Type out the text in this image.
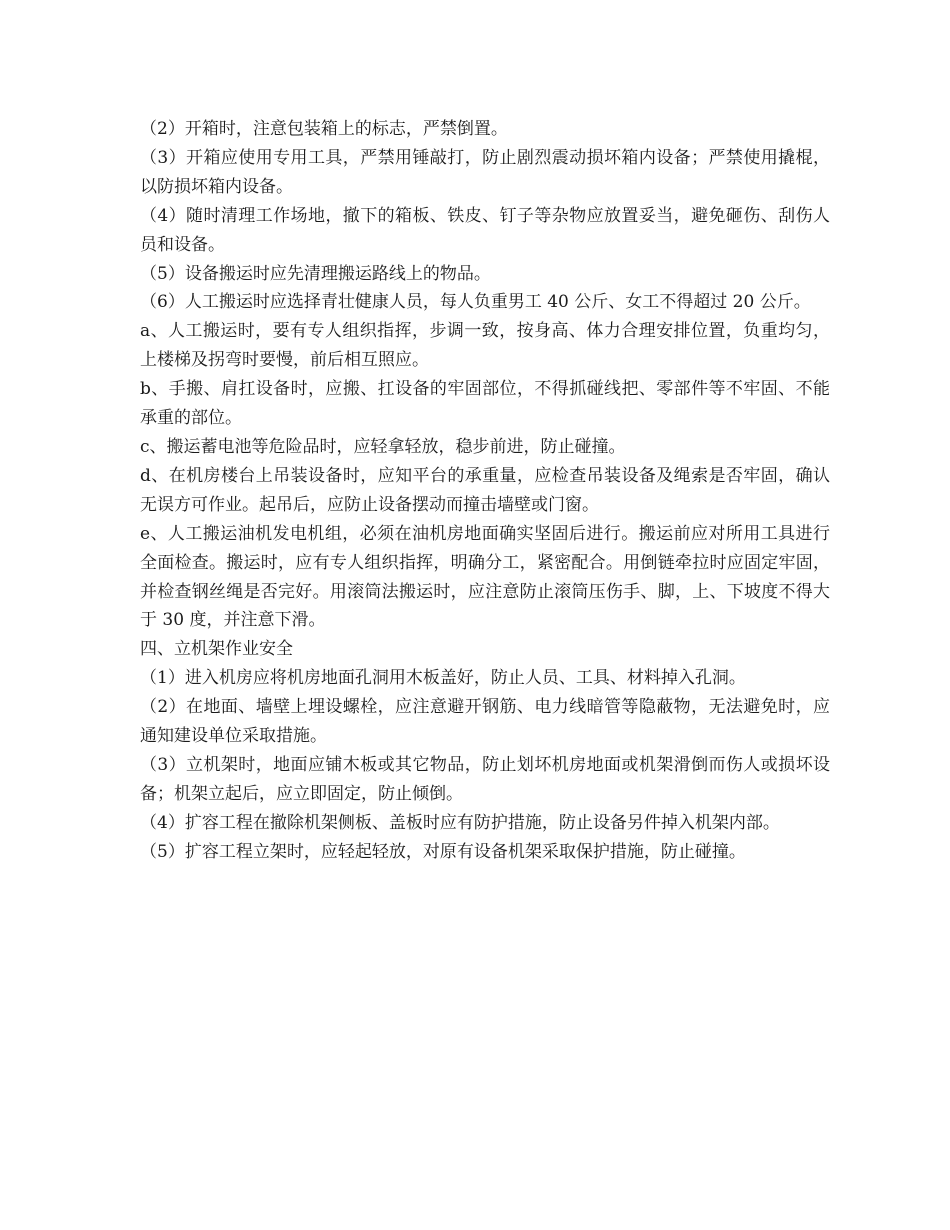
（2）开箱时，注意包装箱上的标志，严禁倒置。

（3）开箱应使用专用工具，严禁用锤敲打，防止剧烈震动损坏箱内设备；严禁使用撬棍，以防损坏箱内设备。

（4）随时清理工作场地，撤下的箱板、铁皮、钉子等杂物应放置妥当，避免砸伤、刮伤人员和设备。

（5）设备搬运时应先清理搬运路线上的物品。

（6）人工搬运时应选择青壮健康人员，每人负重男工 40 公斤、女工不得超过 20 公斤。

a、人工搬运时，要有专人组织指挥，步调一致，按身高、体力合理安排位置，负重均匀，上楼梯及拐弯时要慢，前后相互照应。

b、手搬、肩扛设备时，应搬、扛设备的牢固部位，不得抓碰线把、零部件等不牢固、不能承重的部位。

c、搬运蓄电池等危险品时，应轻拿轻放，稳步前进，防止碰撞。

d、在机房楼台上吊装设备时，应知平台的承重量，应检查吊装设备及绳索是否牢固，确认无误方可作业。起吊后，应防止设备摆动而撞击墙壁或门窗。

e、人工搬运油机发电机组，必须在油机房地面确实坚固后进行。搬运前应对所用工具进行全面检查。搬运时，应有专人组织指挥，明确分工，紧密配合。用倒链牵拉时应固定牢固，并检查钢丝绳是否完好。用滚筒法搬运时，应注意防止滚筒压伤手、脚，上、下坡度不得大于 30 度，并注意下滑。

四、立机架作业安全

（1）进入机房应将机房地面孔洞用木板盖好，防止人员、工具、材料掉入孔洞。

（2）在地面、墙壁上埋设螺栓，应注意避开钢筋、电力线暗管等隐蔽物，无法避免时，应通知建设单位采取措施。

（3）立机架时，地面应铺木板或其它物品，防止划坏机房地面或机架滑倒而伤人或损坏设备；机架立起后，应立即固定，防止倾倒。

（4）扩容工程在撤除机架侧板、盖板时应有防护措施，防止设备另件掉入机架内部。

（5）扩容工程立架时，应轻起轻放，对原有设备机架采取保护措施，防止碰撞。
